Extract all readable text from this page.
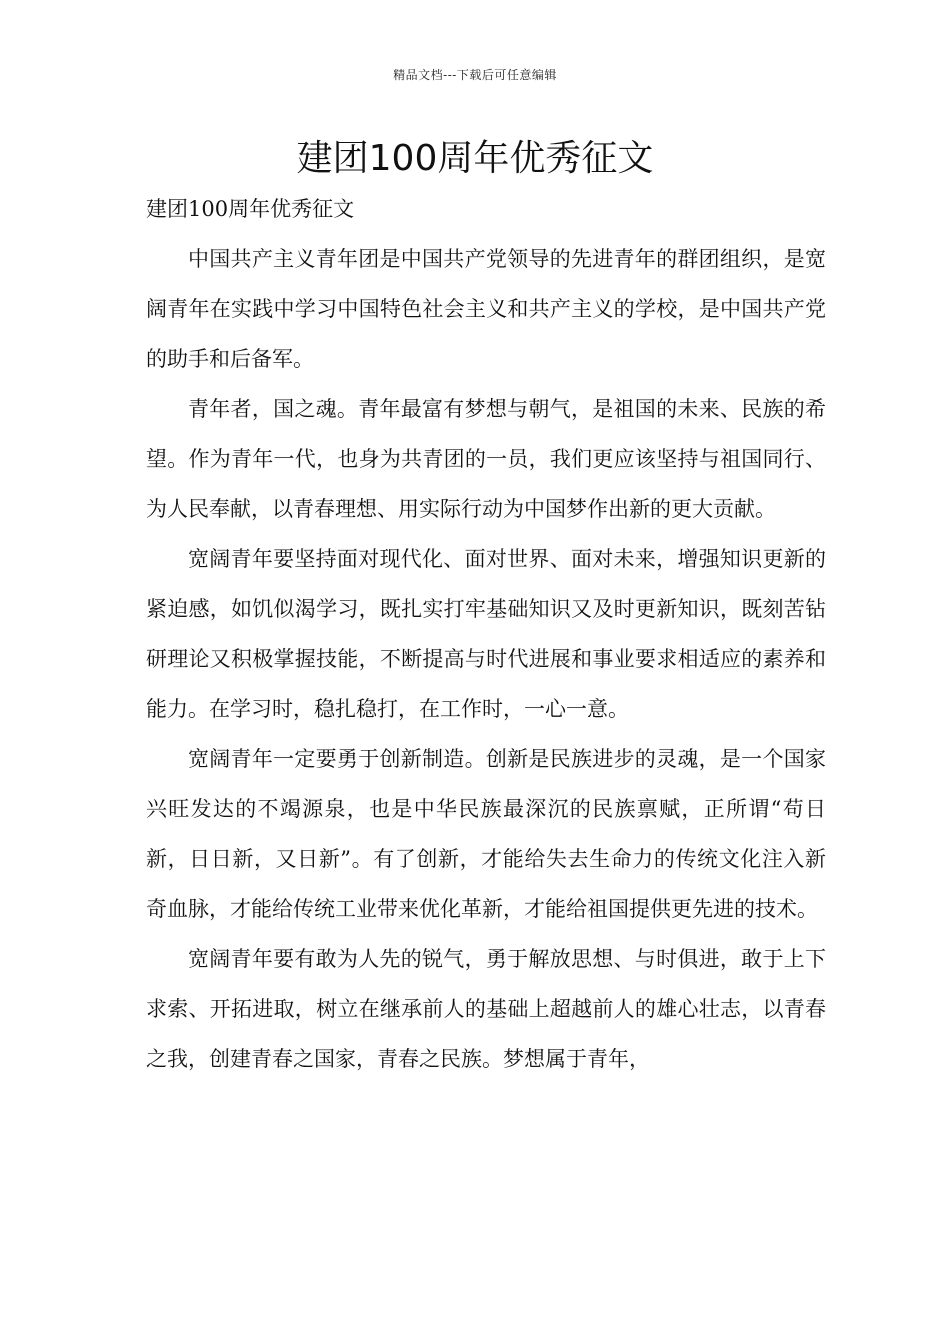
精品文档---下载后可任意编辑
建团100周年优秀征文

建团100周年优秀征文

中国共产主义青年团是中国共产党领导的先进青年的群团组织，是宽阔青年在实践中学习中国特色社会主义和共产主义的学校，是中国共产党的助手和后备军。

青年者，国之魂。青年最富有梦想与朝气，是祖国的未来、民族的希望。作为青年一代，也身为共青团的一员，我们更应该坚持与祖国同行、为人民奉献，以青春理想、用实际行动为中国梦作出新的更大贡献。

宽阔青年要坚持面对现代化、面对世界、面对未来，增强知识更新的紧迫感，如饥似渴学习，既扎实打牢基础知识又及时更新知识，既刻苦钻研理论又积极掌握技能，不断提高与时代进展和事业要求相适应的素养和能力。在学习时，稳扎稳打，在工作时，一心一意。

宽阔青年一定要勇于创新制造。创新是民族进步的灵魂，是一个国家兴旺发达的不竭源泉，也是中华民族最深沉的民族禀赋，正所谓“苟日新，日日新，又日新”。有了创新，才能给失去生命力的传统文化注入新奇血脉，才能给传统工业带来优化革新，才能给祖国提供更先进的技术。

宽阔青年要有敢为人先的锐气，勇于解放思想、与时俱进，敢于上下求索、开拓进取，树立在继承前人的基础上超越前人的雄心壮志，以青春之我，创建青春之国家，青春之民族。梦想属于青年，
